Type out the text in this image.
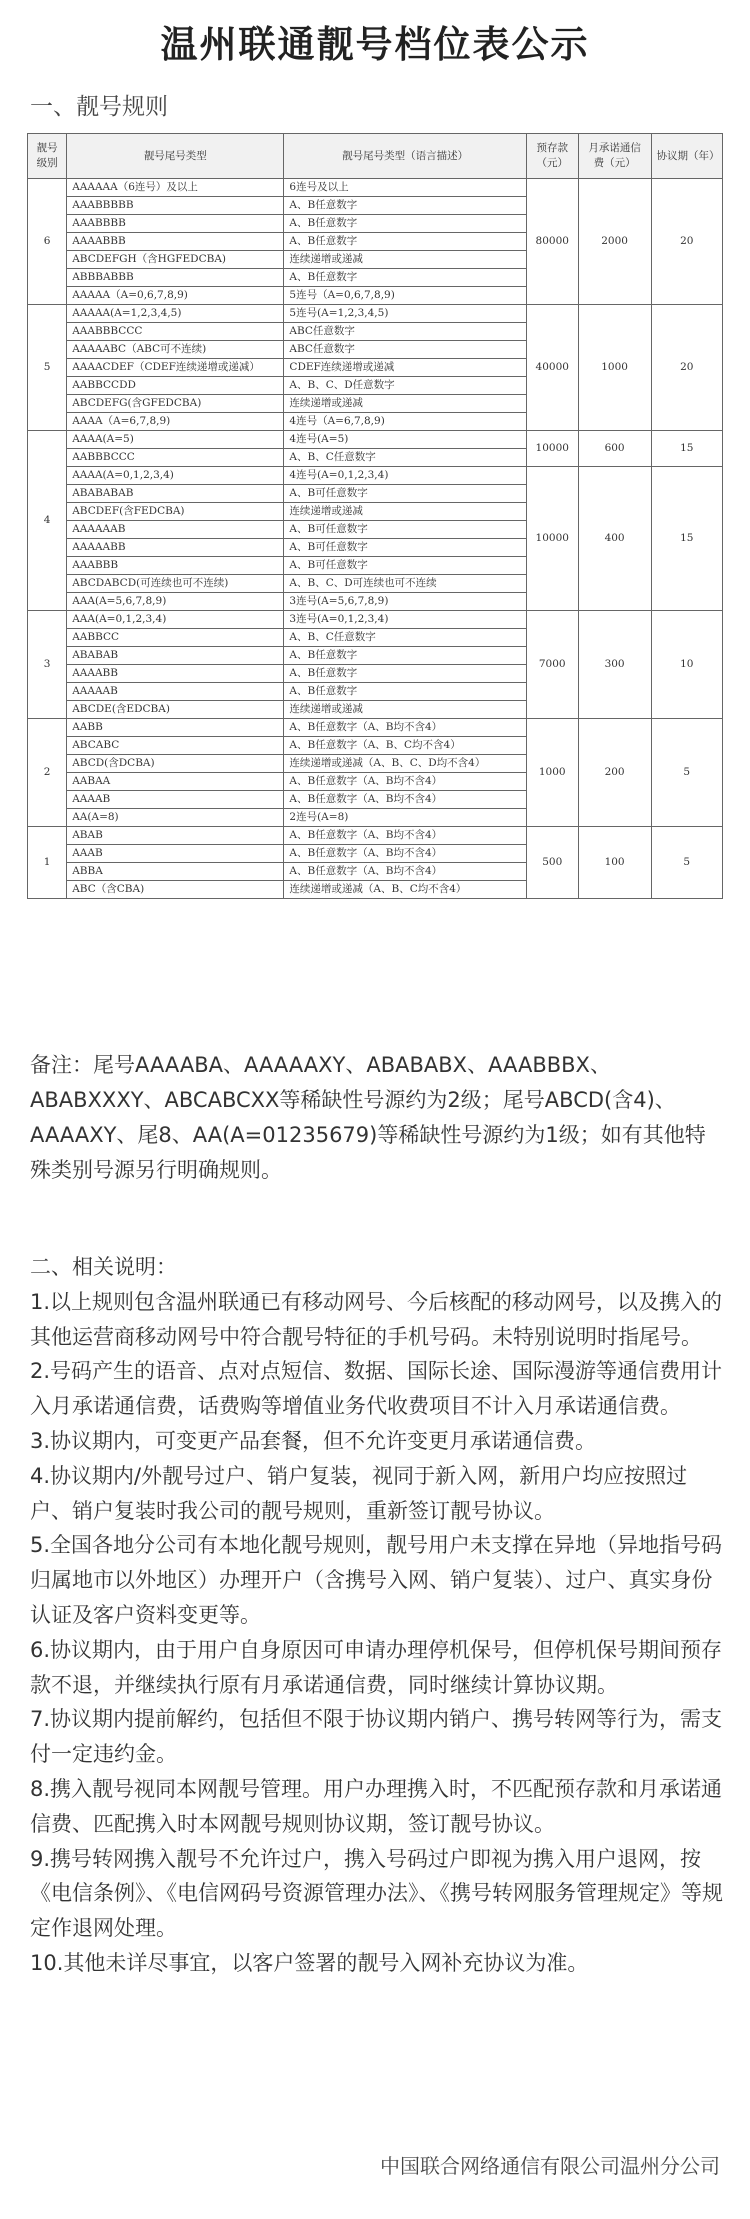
温州联通靓号档位表公示
一、靓号规则
靓号级别	靓号尾号类型	靓号尾号类型（语言描述）	预存款（元）	月承诺通信费（元）	协议期（年）
6	AAAAAA（6连号）及以上	6连号及以上	80000	2000	20
	AAABBBBB	A、B任意数字			
	AAABBBB	A、B任意数字			
	AAAABBB	A、B任意数字			
	ABCDEFGH（含HGFEDCBA)	连续递增或递减			
	ABBBABBB	A、B任意数字			
	AAAAA（A=0,6,7,8,9)	5连号（A=0,6,7,8,9)			
5	AAAAA(A=1,2,3,4,5)	5连号(A=1,2,3,4,5)	40000	1000	20
	AAABBBCCC	ABC任意数字			
	AAAAABC（ABC可不连续)	ABC任意数字			
	AAAACDEF（CDEF连续递增或递减）	CDEF连续递增或递减			
	AABBCCDD	A、B、C、D任意数字			
	ABCDEFG(含GFEDCBA)	连续递增或递减			
	AAAA（A=6,7,8,9)	4连号（A=6,7,8,9)			
4	AAAA(A=5)	4连号(A=5)	10000	600	15
	AABBBCCC	A、B、C任意数字			
	AAAA(A=0,1,2,3,4)	4连号(A=0,1,2,3,4)	10000	400	15
	ABABABAB	A、B可任意数字			
	ABCDEF(含FEDCBA)	连续递增或递减			
	AAAAAAB	A、B可任意数字			
	AAAAABB	A、B可任意数字			
	AAABBB	A、B可任意数字			
	ABCDABCD(可连续也可不连续)	A、B、C、D可连续也可不连续			
	AAA(A=5,6,7,8,9)	3连号(A=5,6,7,8,9)			
3	AAA(A=0,1,2,3,4)	3连号(A=0,1,2,3,4)	7000	300	10
	AABBCC	A、B、C任意数字			
	ABABAB	A、B任意数字			
	AAAABB	A、B任意数字			
	AAAAAB	A、B任意数字			
	ABCDE(含EDCBA)	连续递增或递减			
2	AABB	A、B任意数字（A、B均不含4）	1000	200	5
	ABCABC	A、B任意数字（A、B、C均不含4）			
	ABCD(含DCBA)	连续递增或递减（A、B、C、D均不含4）			
	AABAA	A、B任意数字（A、B均不含4）			
	AAAAB	A、B任意数字（A、B均不含4）			
	AA(A=8)	2连号(A=8)			
1	ABAB	A、B任意数字（A、B均不含4）	500	100	5
	AAAB	A、B任意数字（A、B均不含4）			
	ABBA	A、B任意数字（A、B均不含4）			
	ABC（含CBA)	连续递增或递减（A、B、C均不含4）			
备注：尾号AAAABA、AAAAAXY、ABABABX、AAABBBX、ABABXXXY、ABCABCXX等稀缺性号源约为2级；尾号ABCD(含4)、AAAAXY、尾8、AA(A=01235679)等稀缺性号源约为1级；如有其他特殊类别号源另行明确规则。

二、相关说明：

1.以上规则包含温州联通已有移动网号、今后核配的移动网号，以及携入的其他运营商移动网号中符合靓号特征的手机号码。未特别说明时指尾号。

2.号码产生的语音、点对点短信、数据、国际长途、国际漫游等通信费用计入月承诺通信费，话费购等增值业务代收费项目不计入月承诺通信费。

3.协议期内，可变更产品套餐，但不允许变更月承诺通信费。

4.协议期内/外靓号过户、销户复装，视同于新入网，新用户均应按照过户、销户复装时我公司的靓号规则，重新签订靓号协议。

5.全国各地分公司有本地化靓号规则，靓号用户未支撑在异地（异地指号码归属地市以外地区）办理开户（含携号入网、销户复装）、过户、真实身份认证及客户资料变更等。

6.协议期内，由于用户自身原因可申请办理停机保号，但停机保号期间预存款不退，并继续执行原有月承诺通信费，同时继续计算协议期。

7.协议期内提前解约，包括但不限于协议期内销户、携号转网等行为，需支付一定违约金。

8.携入靓号视同本网靓号管理。用户办理携入时，不匹配预存款和月承诺通信费、匹配携入时本网靓号规则协议期，签订靓号协议。

9.携号转网携入靓号不允许过户，携入号码过户即视为携入用户退网，按《电信条例》、《电信网码号资源管理办法》、《携号转网服务管理规定》等规定作退网处理。

10.其他未详尽事宜，以客户签署的靓号入网补充协议为准。

中国联合网络通信有限公司温州分公司
